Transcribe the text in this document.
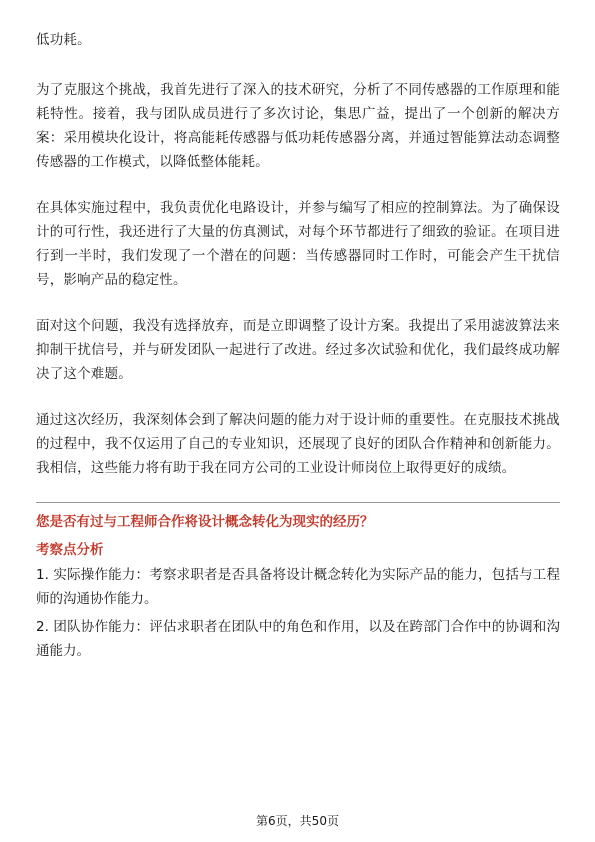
低功耗。

为了克服这个挑战，我首先进行了深入的技术研究，分析了不同传感器的工作原理和能耗特性。接着，我与团队成员进行了多次讨论，集思广益，提出了一个创新的解决方案：采用模块化设计，将高能耗传感器与低功耗传感器分离，并通过智能算法动态调整传感器的工作模式，以降低整体能耗。

在具体实施过程中，我负责优化电路设计，并参与编写了相应的控制算法。为了确保设计的可行性，我还进行了大量的仿真测试，对每个环节都进行了细致的验证。在项目进行到一半时，我们发现了一个潜在的问题：当传感器同时工作时，可能会产生干扰信号，影响产品的稳定性。

面对这个问题，我没有选择放弃，而是立即调整了设计方案。我提出了采用滤波算法来抑制干扰信号，并与研发团队一起进行了改进。经过多次试验和优化，我们最终成功解决了这个难题。

通过这次经历，我深刻体会到了解决问题的能力对于设计师的重要性。在克服技术挑战的过程中，我不仅运用了自己的专业知识，还展现了良好的团队合作精神和创新能力。我相信，这些能力将有助于我在同方公司的工业设计师岗位上取得更好的成绩。

您是否有过与工程师合作将设计概念转化为现实的经历？
考察点分析
1. 实际操作能力：考察求职者是否具备将设计概念转化为实际产品的能力，包括与工程师的沟通协作能力。
2. 团队协作能力：评估求职者在团队中的角色和作用，以及在跨部门合作中的协调和沟通能力。
第6页，共50页
